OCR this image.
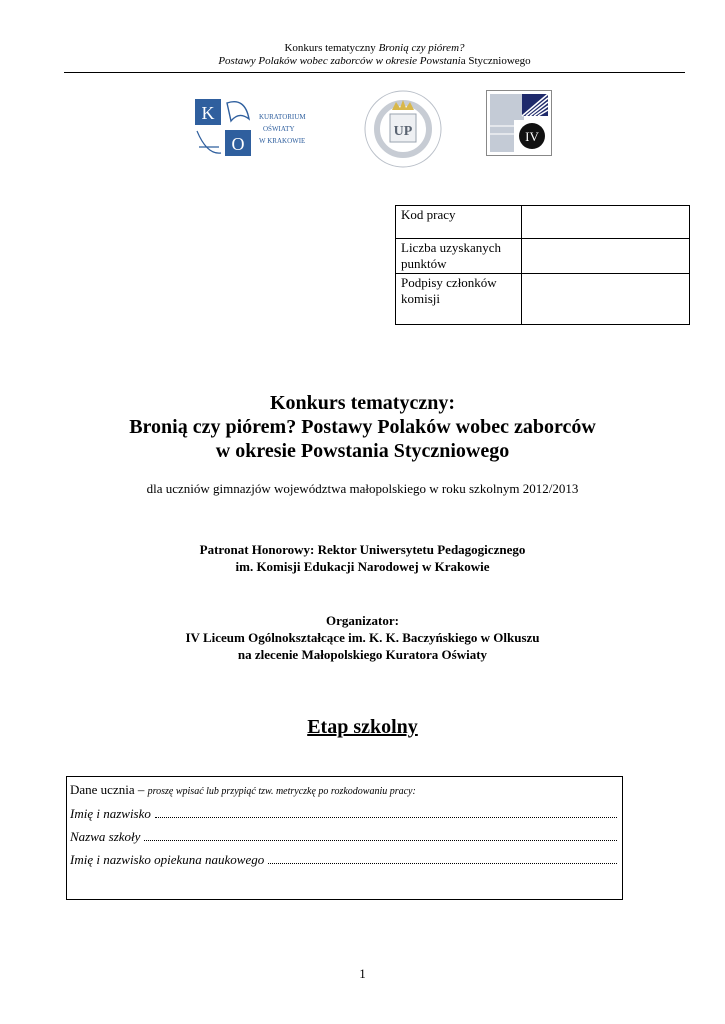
Konkurs tematyczny Bronią czy piórem?
Postawy Polaków wobec zaborców w okresie Powstania Styczniowego
K
O
KURATORIUM
OŚWIATY
W KRAKOWIE
UP	IV
Kod pracy	
Liczba uzyskanych punktów	
Podpisy członków komisji	
Konkurs tematyczny:
Bronią czy piórem? Postawy Polaków wobec zaborców
w okresie Powstania Styczniowego
dla uczniów gimnazjów województwa małopolskiego w roku szkolnym 2012/2013
Patronat Honorowy: Rektor Uniwersytetu Pedagogicznego
im. Komisji Edukacji Narodowej w Krakowie
Organizator:
IV Liceum Ogólnokształcące im. K. K. Baczyńskiego w Olkuszu
na zlecenie Małopolskiego Kuratora Oświaty
Etap szkolny
Dane ucznia – proszę wpisać lub przypiąć tzw. metryczkę po rozkodowaniu pracy:
Imię i nazwisko
Nazwa szkoły
Imię i nazwisko opiekuna naukowego
1
